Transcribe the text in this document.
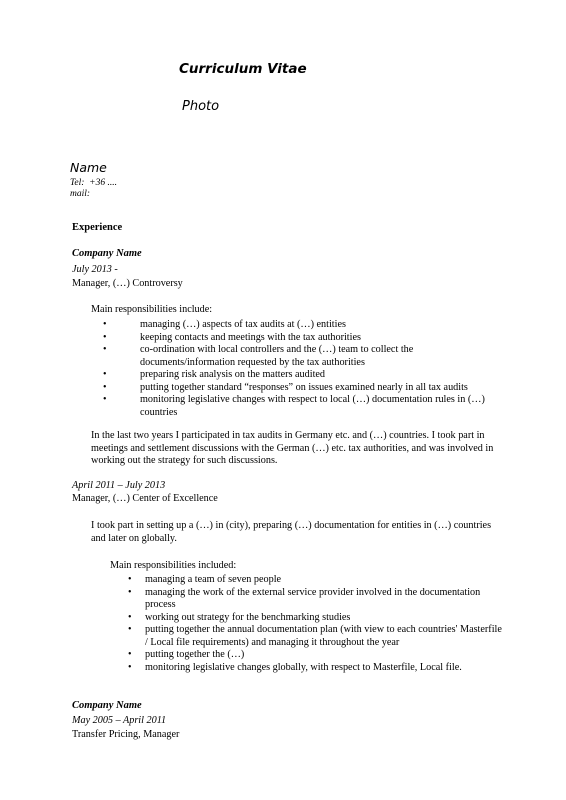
Curriculum Vitae
Photo
Name
Tel:  +36 ....
mail:
Experience
Company Name
July 2013 -
Manager, (…) Controversy
Main responsibilities include:
•	managing (…) aspects of tax audits at (…) entities
•	keeping contacts and meetings with the tax authorities
•	co-ordination with local controllers and the (…) team to collect the documents/information requested by the tax authorities
•	preparing risk analysis on the matters audited
•	putting together standard “responses” on issues examined nearly in all tax audits
•	monitoring legislative changes with respect to local (…) documentation rules in (…) countries
In the last two years I participated in tax audits in Germany etc. and (…) countries. I took part in meetings and settlement discussions with the German (…) etc. tax authorities, and was involved in working out the strategy for such discussions.
April 2011 – July 2013
Manager, (…) Center of Excellence
I took part in setting up a (…) in (city), preparing (…) documentation for entities in (…) countries and later on globally.
Main responsibilities included:
• managing a team of seven people
• managing the work of the external service provider involved in the documentation process
• working out strategy for the benchmarking studies
• putting together the annual documentation plan (with view to each countries' Masterfile / Local file requirements) and managing it throughout the year
• putting together the (…)
• monitoring legislative changes globally, with respect to Masterfile, Local file.
Company Name
May 2005 – April 2011
Transfer Pricing, Manager
